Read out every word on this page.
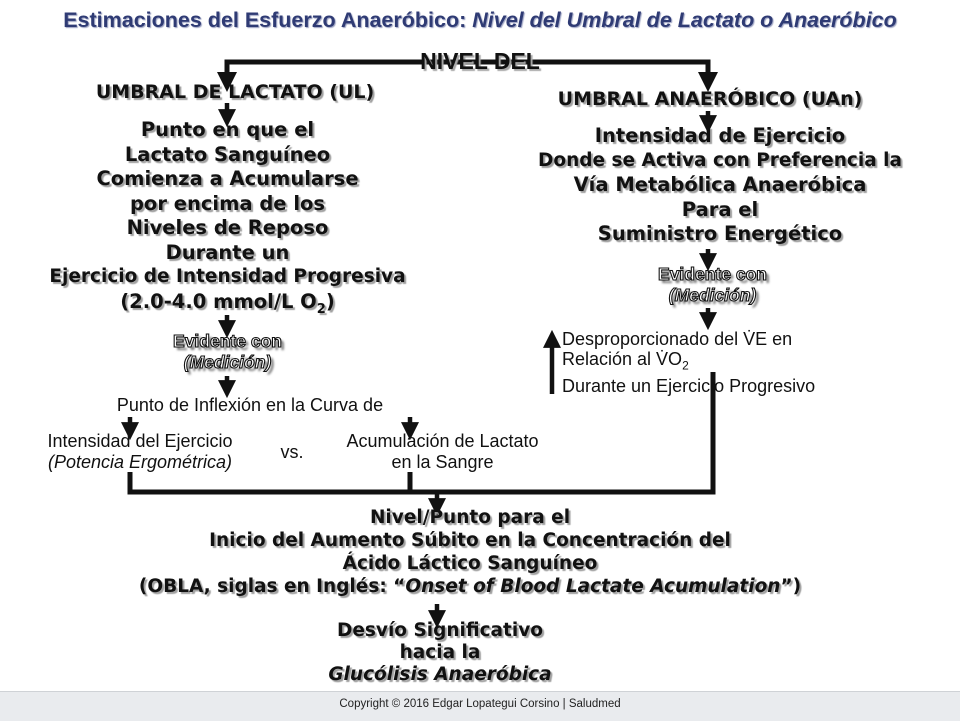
Estimaciones del Esfuerzo Anaeróbico: Nivel del Umbral de Lactato o Anaeróbico
NIVEL DEL
UMBRAL DE LACTATO (UL)
Punto en que el
Lactato Sanguíneo
Comienza a Acumularse
por encima de los
Niveles de Reposo
Durante un
Ejercicio de Intensidad Progresiva
(2.0-4.0 mmol/L $O_2$)
Evidente con
(Medición)
Punto de Inflexión en la Curva de
Intensidad del Ejercicio
(Potencia Ergométrica)	vs.
Acumulación de Lactato
en la Sangre
UMBRAL ANAERÓBICO (UAn)
Intensidad de Ejercicio
Donde se Activa con Preferencia la
Vía Metabólica Anaeróbica
Para el
Suministro Energético
Evidente con
(Medición)
Desproporcionado del V̇E en
Relación al $V̇O_2$
Durante un Ejercicio Progresivo
Nivel/Punto para el
Inicio del Aumento Súbito en la Concentración del
Ácido Láctico Sanguíneo
(OBLA, siglas en Inglés: “Onset of Blood Lactate Acumulation”)
Desvío Significativo
hacia la
Glucólisis Anaeróbica
Copyright © 2016 Edgar Lopategui Corsino | Saludmed
